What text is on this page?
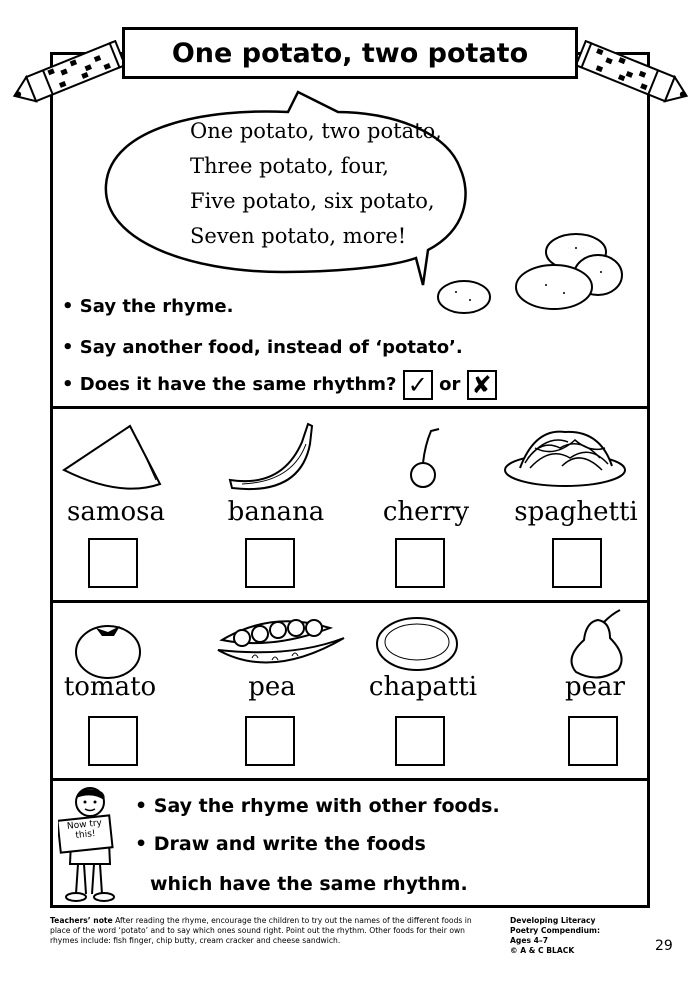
One potato, two potato
One potato, two potato,
Three potato, four,
Five potato, six potato,
Seven potato, more!
• Say the rhyme.
• Say another food, instead of ‘potato’.
• Does it have the same rhythm? ✓ or ✘
samosa	banana	cherry	spaghetti
tomato	pea	chapatti	pear
Now try this!
• Say the rhyme with other foods.
• Draw and write the foods
which have the same rhythm.
Teachers’ note After reading the rhyme, encourage the children to try out the names of the different foods in place of the word ‘potato’ and to say which ones sound right. Point out the rhythm. Other foods for their own rhymes include: fish finger, chip butty, cream cracker and cheese sandwich.
Developing Literacy
Poetry Compendium:
Ages 4–7
© A & C BLACK	29
